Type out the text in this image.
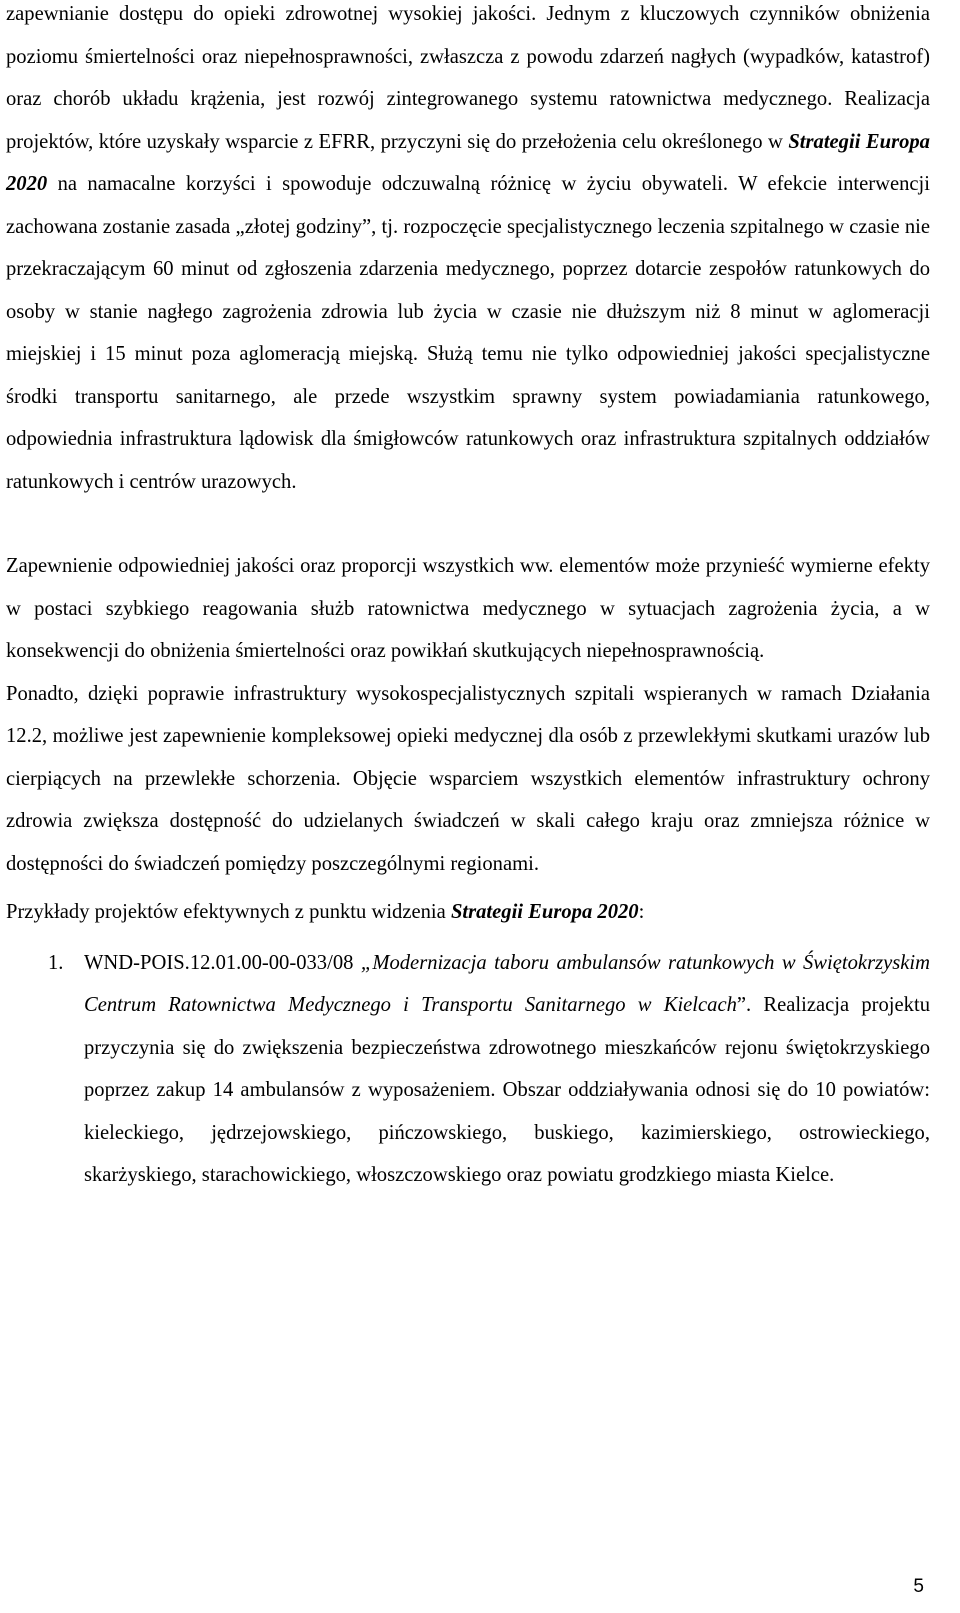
zapewnianie dostępu do opieki zdrowotnej wysokiej jakości. Jednym z kluczowych czynników obniżenia poziomu śmiertelności oraz niepełnosprawności, zwłaszcza z powodu zdarzeń nagłych (wypadków, katastrof) oraz chorób układu krążenia, jest rozwój zintegrowanego systemu ratownictwa medycznego. Realizacja projektów, które uzyskały wsparcie z EFRR, przyczyni się do przełożenia celu określonego w Strategii Europa 2020 na namacalne korzyści i spowoduje odczuwalną różnicę w życiu obywateli. W efekcie interwencji zachowana zostanie zasada „złotej godziny”, tj. rozpoczęcie specjalistycznego leczenia szpitalnego w czasie nie przekraczającym 60 minut od zgłoszenia zdarzenia medycznego, poprzez dotarcie zespołów ratunkowych do osoby w stanie nagłego zagrożenia zdrowia lub życia w czasie nie dłuższym niż 8 minut w aglomeracji miejskiej i 15 minut poza aglomeracją miejską. Służą temu nie tylko odpowiedniej jakości specjalistyczne środki transportu sanitarnego, ale przede wszystkim sprawny system powiadamiania ratunkowego, odpowiednia infrastruktura lądowisk dla śmigłowców ratunkowych oraz infrastruktura szpitalnych oddziałów ratunkowych i centrów urazowych.

Zapewnienie odpowiedniej jakości oraz proporcji wszystkich ww. elementów może przynieść wymierne efekty w postaci szybkiego reagowania służb ratownictwa medycznego w sytuacjach zagrożenia życia, a w konsekwencji do obniżenia śmiertelności oraz powikłań skutkujących niepełnosprawnością.

Ponadto, dzięki poprawie infrastruktury wysokospecjalistycznych szpitali wspieranych w ramach Działania 12.2, możliwe jest zapewnienie kompleksowej opieki medycznej dla osób z przewlekłymi skutkami urazów lub cierpiących na przewlekłe schorzenia. Objęcie wsparciem wszystkich elementów infrastruktury ochrony zdrowia zwiększa dostępność do udzielanych świadczeń w skali całego kraju oraz zmniejsza różnice w dostępności do świadczeń pomiędzy poszczególnymi regionami.

Przykłady projektów efektywnych z punktu widzenia Strategii Europa 2020:

1. WND-POIS.12.01.00-00-033/08 „Modernizacja taboru ambulansów ratunkowych w Świętokrzyskim Centrum Ratownictwa Medycznego i Transportu Sanitarnego w Kielcach”. Realizacja projektu przyczynia się do zwiększenia bezpieczeństwa zdrowotnego mieszkańców rejonu świętokrzyskiego poprzez zakup 14 ambulansów z wyposażeniem. Obszar oddziaływania odnosi się do 10 powiatów: kieleckiego, jędrzejowskiego, pińczowskiego, buskiego, kazimierskiego, ostrowieckiego, skarżyskiego, starachowickiego, włoszczowskiego oraz powiatu grodzkiego miasta Kielce.
5
